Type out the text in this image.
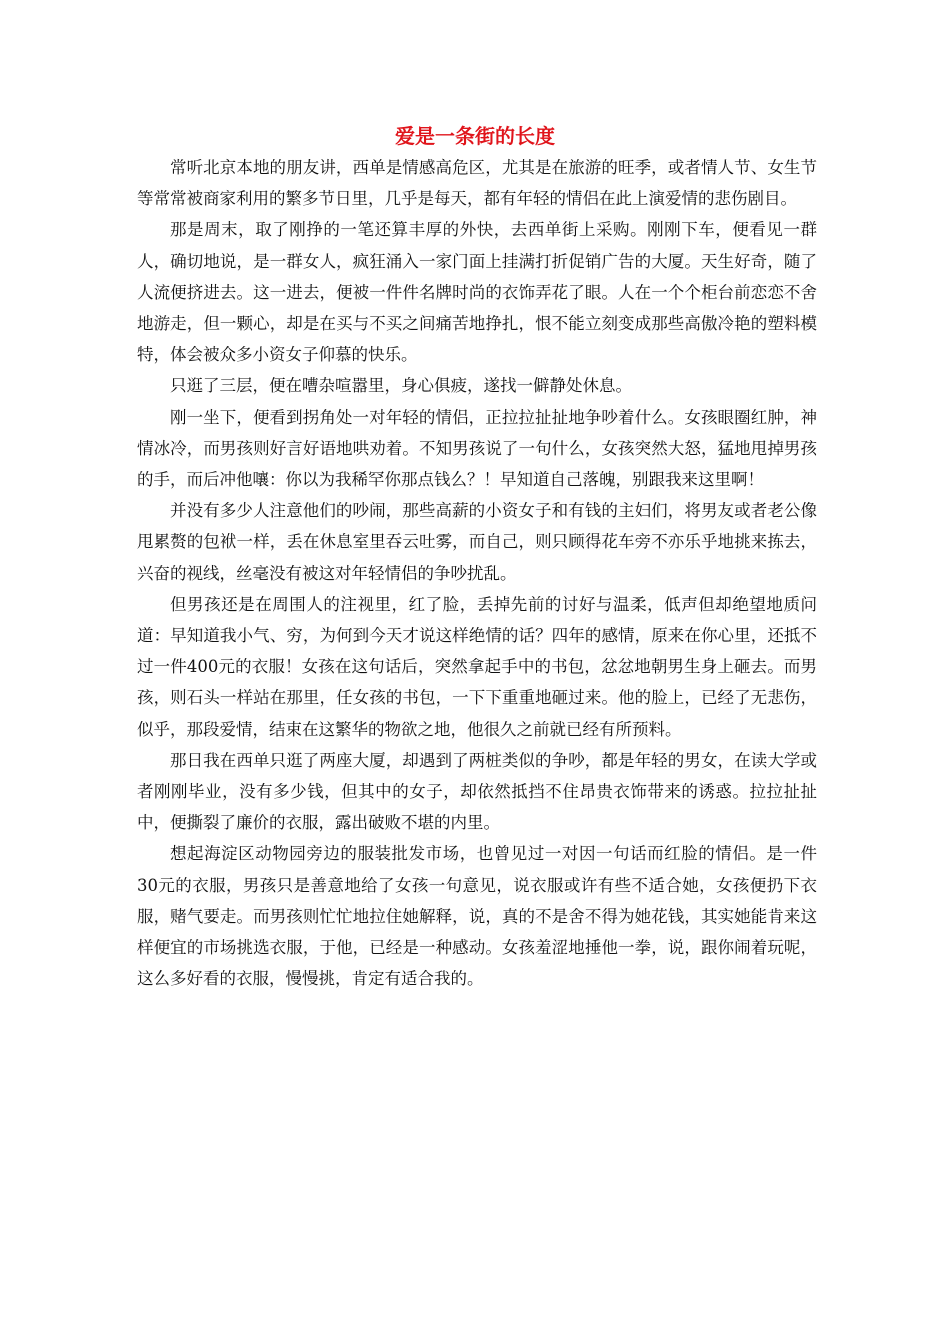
爱是一条街的长度

常听北京本地的朋友讲，西单是情感高危区，尤其是在旅游的旺季，或者情人节、女生节等常常被商家利用的繁多节日里，几乎是每天，都有年轻的情侣在此上演爱情的悲伤剧目。

那是周末，取了刚挣的一笔还算丰厚的外快，去西单街上采购。刚刚下车，便看见一群人，确切地说，是一群女人，疯狂涌入一家门面上挂满打折促销广告的大厦。天生好奇，随了人流便挤进去。这一进去，便被一件件名牌时尚的衣饰弄花了眼。人在一个个柜台前恋恋不舍地游走，但一颗心，却是在买与不买之间痛苦地挣扎，恨不能立刻变成那些高傲冷艳的塑料模特，体会被众多小资女子仰慕的快乐。

只逛了三层，便在嘈杂喧嚣里，身心俱疲，遂找一僻静处休息。

刚一坐下，便看到拐角处一对年轻的情侣，正拉拉扯扯地争吵着什么。女孩眼圈红肿，神情冰冷，而男孩则好言好语地哄劝着。不知男孩说了一句什么，女孩突然大怒，猛地甩掉男孩的手，而后冲他嚷：你以为我稀罕你那点钱么？！早知道自己落魄，别跟我来这里啊！

并没有多少人注意他们的吵闹，那些高薪的小资女子和有钱的主妇们，将男友或者老公像甩累赘的包袱一样，丢在休息室里吞云吐雾，而自己，则只顾得花车旁不亦乐乎地挑来拣去，兴奋的视线，丝毫没有被这对年轻情侣的争吵扰乱。

但男孩还是在周围人的注视里，红了脸，丢掉先前的讨好与温柔，低声但却绝望地质问道：早知道我小气、穷，为何到今天才说这样绝情的话？四年的感情，原来在你心里，还抵不过一件400元的衣服！女孩在这句话后，突然拿起手中的书包，忿忿地朝男生身上砸去。而男孩，则石头一样站在那里，任女孩的书包，一下下重重地砸过来。他的脸上，已经了无悲伤，似乎，那段爱情，结束在这繁华的物欲之地，他很久之前就已经有所预料。

那日我在西单只逛了两座大厦，却遇到了两桩类似的争吵，都是年轻的男女，在读大学或者刚刚毕业，没有多少钱，但其中的女子，却依然抵挡不住昂贵衣饰带来的诱惑。拉拉扯扯中，便撕裂了廉价的衣服，露出破败不堪的内里。

想起海淀区动物园旁边的服装批发市场，也曾见过一对因一句话而红脸的情侣。是一件30元的衣服，男孩只是善意地给了女孩一句意见，说衣服或许有些不适合她，女孩便扔下衣服，赌气要走。而男孩则忙忙地拉住她解释，说，真的不是舍不得为她花钱，其实她能肯来这样便宜的市场挑选衣服，于他，已经是一种感动。女孩羞涩地捶他一拳，说，跟你闹着玩呢，这么多好看的衣服，慢慢挑，肯定有适合我的。
